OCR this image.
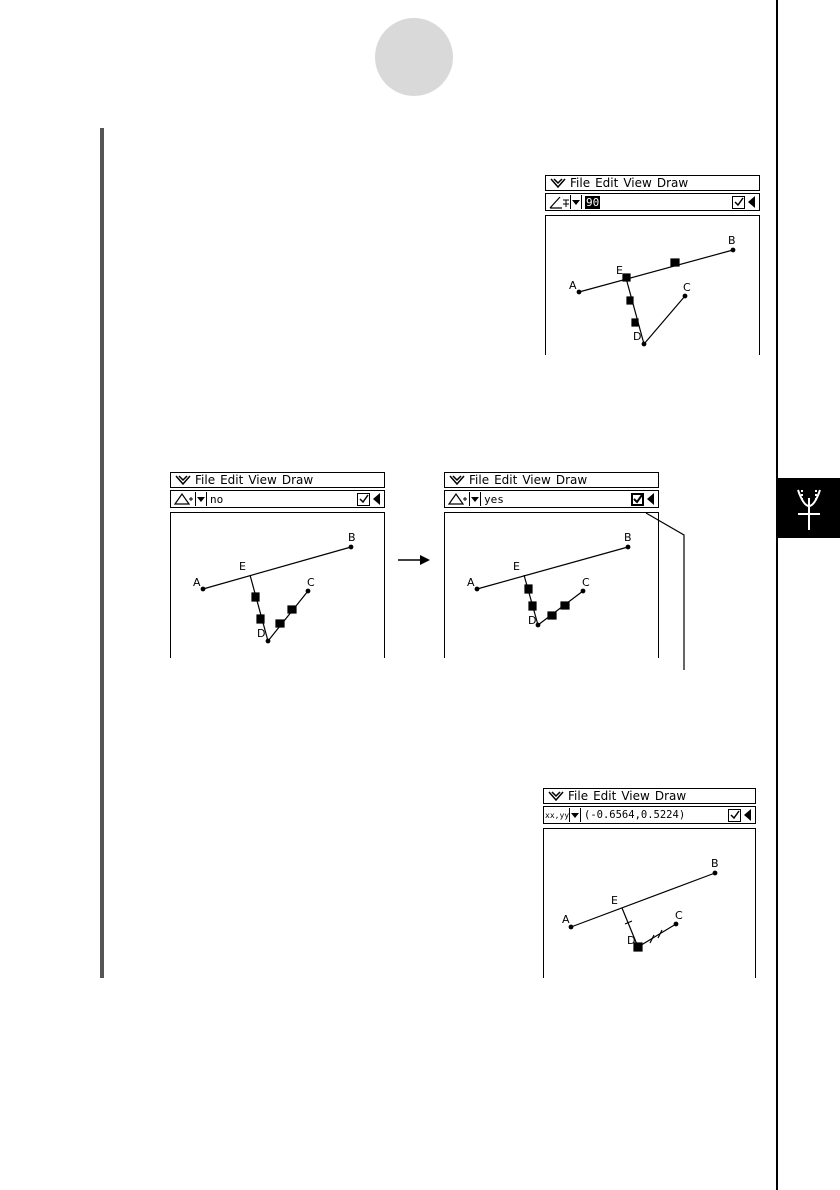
File Edit View Draw
90
A
B
C
D
E
File Edit View Draw
no
A
B
C
D
E
File Edit View Draw
yes
A
B
C
D
E
File Edit View Draw
xx,yy (-0.6564,0.5224)
A
B
C
D
E
